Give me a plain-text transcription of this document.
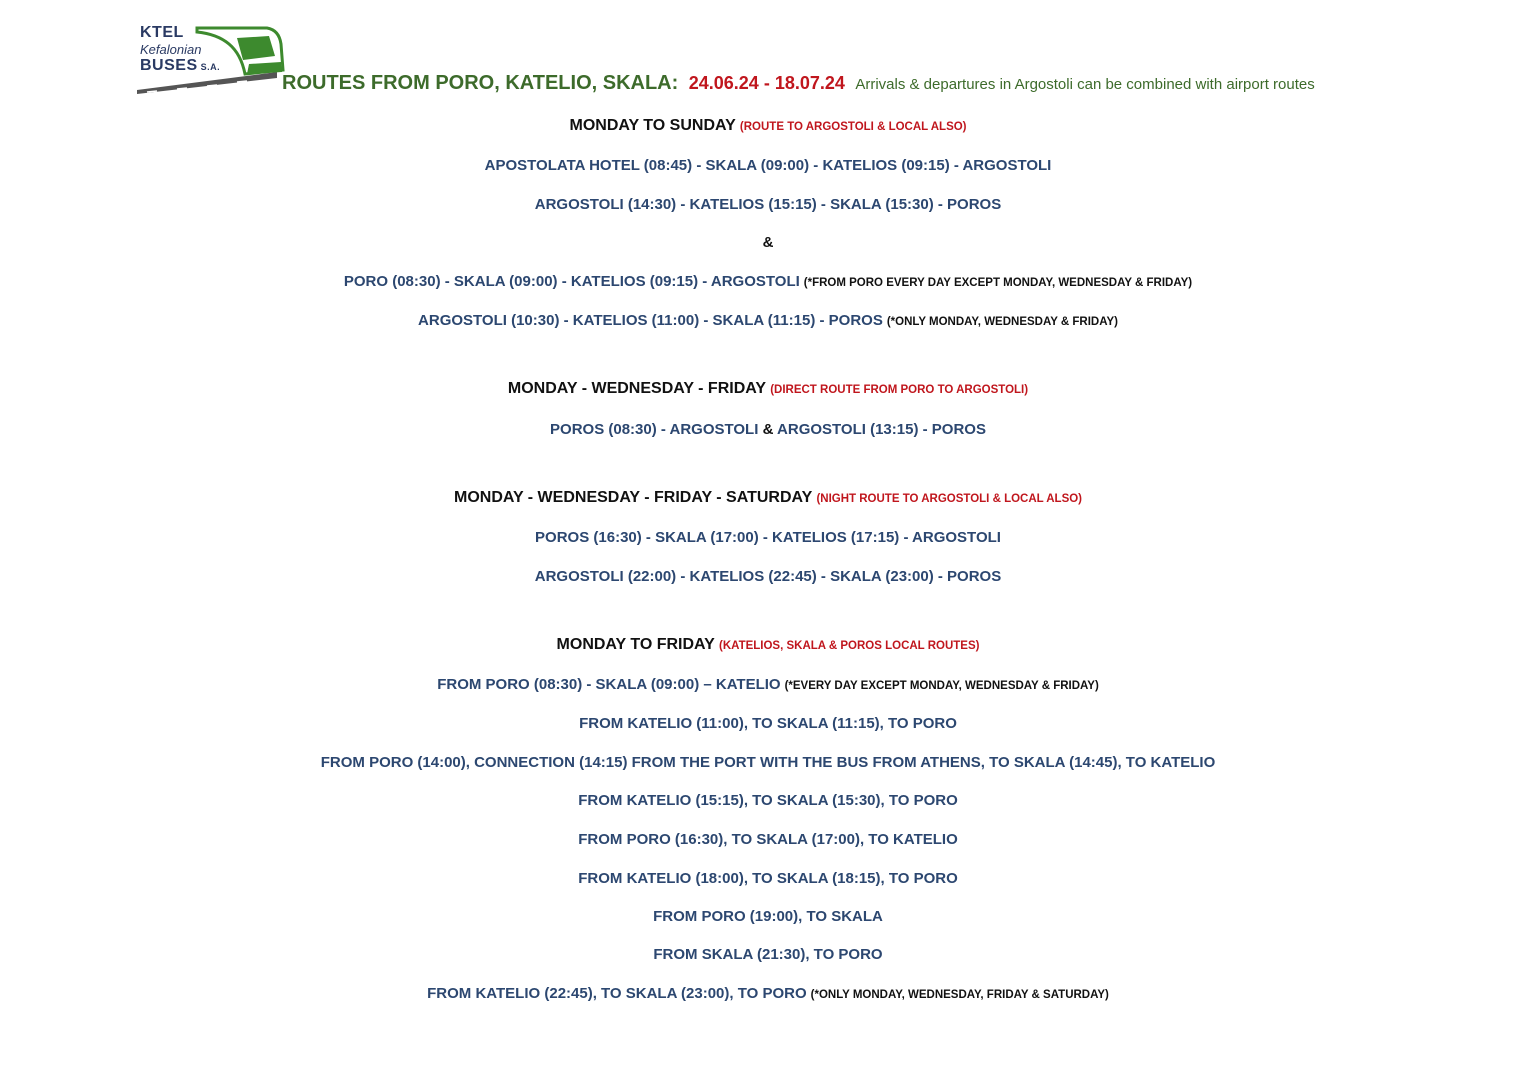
KTEL
Kefalonian
BUSES S.A.
ROUTES FROM PORO, KATELIO, SKALA: 24.06.24 - 18.07.24 Arrivals & departures in Argostoli can be combined with airport routes
MONDAY TO SUNDAY (ROUTE TO ARGOSTOLI & LOCAL ALSO)
APOSTOLATA HOTEL (08:45) - SKALA (09:00) - KATELIOS (09:15) - ARGOSTOLI
ARGOSTOLI (14:30) - KATELIOS (15:15) - SKALA (15:30) - POROS
&
PORO (08:30) - SKALA (09:00) - KATELIOS (09:15) - ARGOSTOLI (*FROM PORO EVERY DAY EXCEPT MONDAY, WEDNESDAY & FRIDAY)
ARGOSTOLI (10:30) - KATELIOS (11:00) - SKALA (11:15) - POROS (*ONLY MONDAY, WEDNESDAY & FRIDAY)
MONDAY - WEDNESDAY - FRIDAY (DIRECT ROUTE FROM PORO TO ARGOSTOLI)
POROS (08:30) - ARGOSTOLI & ARGOSTOLI (13:15) - POROS
MONDAY - WEDNESDAY - FRIDAY - SATURDAY (NIGHT ROUTE TO ARGOSTOLI & LOCAL ALSO)
POROS (16:30) - SKALA (17:00) - KATELIOS (17:15) - ARGOSTOLI
ARGOSTOLI (22:00) - KATELIOS (22:45) - SKALA (23:00) - POROS
MONDAY TO FRIDAY (KATELIOS, SKALA & POROS LOCAL ROUTES)
FROM PORO (08:30) - SKALA (09:00) – KATELIO (*EVERY DAY EXCEPT MONDAY, WEDNESDAY & FRIDAY)
FROM KATELIO (11:00), TO SKALA (11:15), TO PORO
FROM PORO (14:00), CONNECTION (14:15) FROM THE PORT WITH THE BUS FROM ATHENS, TO SKALA (14:45), TO KATELIO
FROM KATELIO (15:15), TO SKALA (15:30), TO PORO
FROM PORO (16:30), TO SKALA (17:00), TO KATELIO
FROM KATELIO (18:00), TO SKALA (18:15), TO PORO
FROM PORO (19:00), TO SKALA
FROM SKALA (21:30), TO PORO
FROM KATELIO (22:45), TO SKALA (23:00), TO PORO (*ONLY MONDAY, WEDNESDAY, FRIDAY & SATURDAY)
